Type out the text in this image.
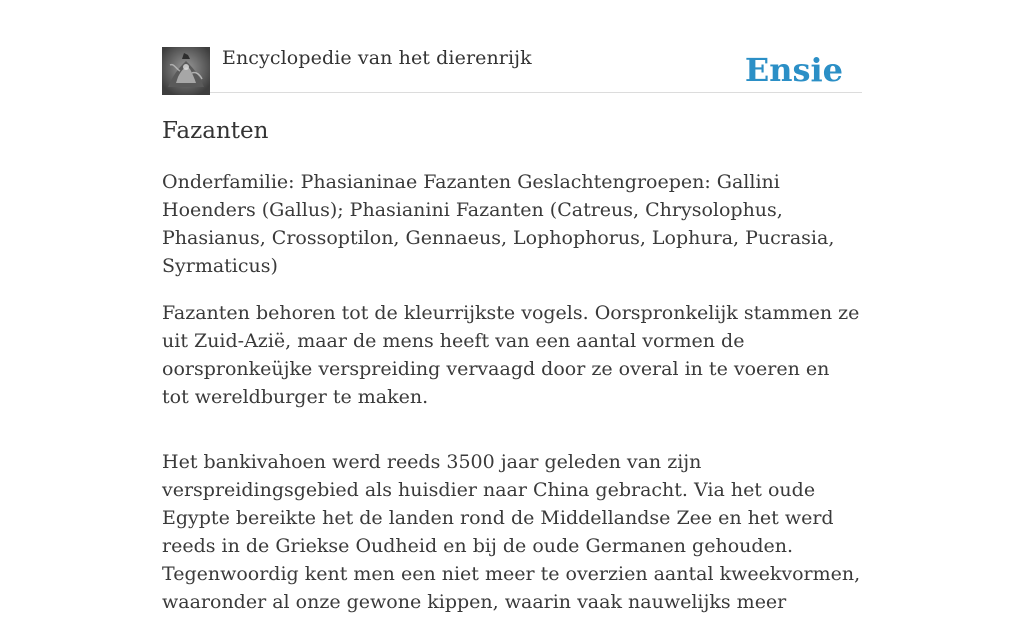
Encyclopedie van het dierenrijk	Ensie
Fazanten

Onderfamilie: Phasianinae Fazanten Geslachtengroepen: Gallini Hoenders (Gallus); Phasianini Fazanten (Catreus, Chrysolophus, Phasianus, Crossoptilon, Gennaeus, Lophophorus, Lophura, Pucrasia, Syrmaticus)

Fazanten behoren tot de kleurrijkste vogels. Oorspronkelijk stammen ze uit Zuid-Azië, maar de mens heeft van een aantal vormen de oorspronkeüjke verspreiding vervaagd door ze overal in te voeren en tot wereldburger te maken.

Het bankivahoen werd reeds 3500 jaar geleden van zijn verspreidingsgebied als huisdier naar China gebracht. Via het oude Egypte bereikte het de landen rond de Middellandse Zee en het werd reeds in de Griekse Oudheid en bij de oude Germanen gehouden. Tegenwoordig kent men een niet meer te overzien aantal kweekvormen, waaronder al onze gewone kippen, waarin vaak nauwelijks meer
